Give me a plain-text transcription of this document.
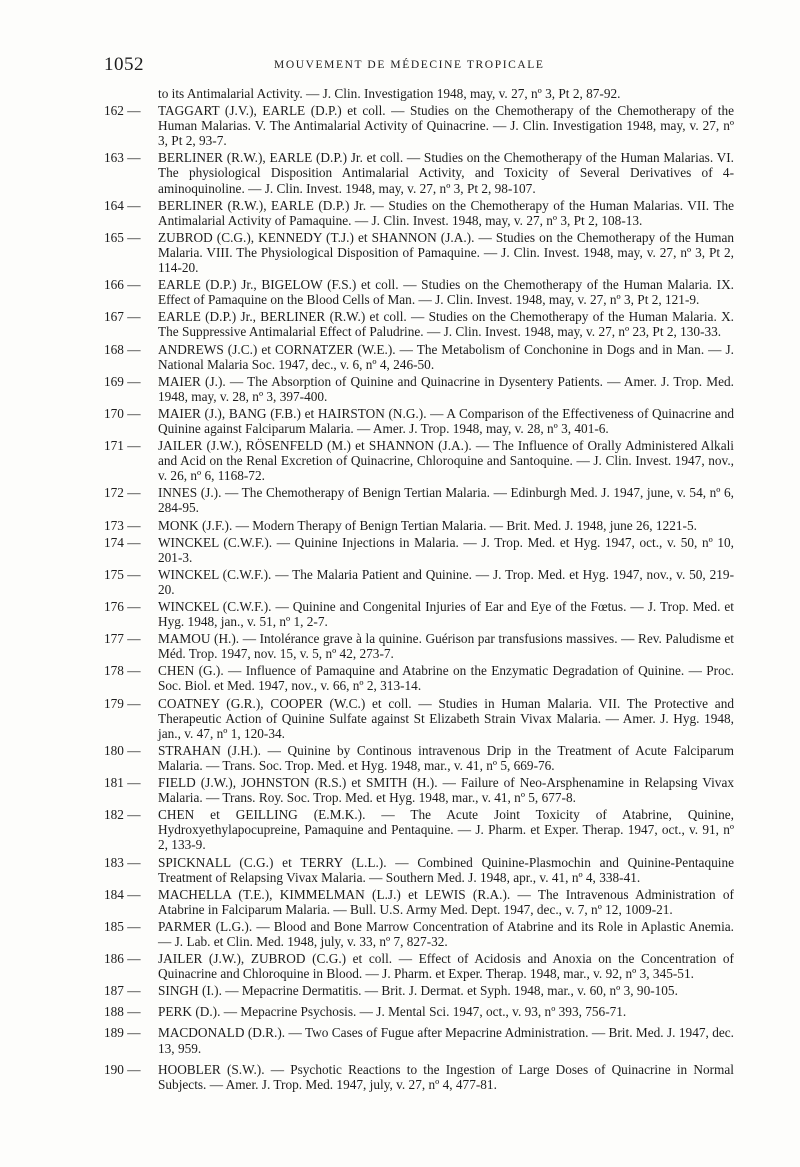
1052	MOUVEMENT DE MÉDECINE TROPICALE
to its Antimalarial Activity. — J. Clin. Investigation 1948, may, v. 27, nº 3, Pt 2, 87-92.
162 —	TAGGART (J.V.), EARLE (D.P.) et coll. — Studies on the Chemotherapy of the Chemotherapy of the Human Malarias. V. The Antimalarial Activity of Quinacrine. — J. Clin. Investigation 1948, may, v. 27, nº 3, Pt 2, 93-7.
163 —	BERLINER (R.W.), EARLE (D.P.) Jr. et coll. — Studies on the Chemotherapy of the Human Malarias. VI. The physiological Disposition Antimalarial Activity, and Toxicity of Several Derivatives of 4-aminoquinoline. — J. Clin. Invest. 1948, may, v. 27, nº 3, Pt 2, 98-107.
164 —	BERLINER (R.W.), EARLE (D.P.) Jr. — Studies on the Chemotherapy of the Human Malarias. VII. The Antimalarial Activity of Pamaquine. — J. Clin. Invest. 1948, may, v. 27, nº 3, Pt 2, 108-13.
165 —	ZUBROD (C.G.), KENNEDY (T.J.) et SHANNON (J.A.). — Studies on the Chemotherapy of the Human Malaria. VIII. The Physiological Disposition of Pamaquine. — J. Clin. Invest. 1948, may, v. 27, nº 3, Pt 2, 114-20.
166 —	EARLE (D.P.) Jr., BIGELOW (F.S.) et coll. — Studies on the Chemotherapy of the Human Malaria. IX. Effect of Pamaquine on the Blood Cells of Man. — J. Clin. Invest. 1948, may, v. 27, nº 3, Pt 2, 121-9.
167 —	EARLE (D.P.) Jr., BERLINER (R.W.) et coll. — Studies on the Chemotherapy of the Human Malaria. X. The Suppressive Antimalarial Effect of Paludrine. — J. Clin. Invest. 1948, may, v. 27, nº 23, Pt 2, 130-33.
168 —	ANDREWS (J.C.) et CORNATZER (W.E.). — The Metabolism of Conchonine in Dogs and in Man. — J. National Malaria Soc. 1947, dec., v. 6, nº 4, 246-50.
169 —	MAIER (J.). — The Absorption of Quinine and Quinacrine in Dysentery Patients. — Amer. J. Trop. Med. 1948, may, v. 28, nº 3, 397-400.
170 —	MAIER (J.), BANG (F.B.) et HAIRSTON (N.G.). — A Comparison of the Effectiveness of Quinacrine and Quinine against Falciparum Malaria. — Amer. J. Trop. 1948, may, v. 28, nº 3, 401-6.
171 —	JAILER (J.W.), RÖSENFELD (M.) et SHANNON (J.A.). — The Influence of Orally Administered Alkali and Acid on the Renal Excretion of Quinacrine, Chloroquine and Santoquine. — J. Clin. Invest. 1947, nov., v. 26, nº 6, 1168-72.
172 —	INNES (J.). — The Chemotherapy of Benign Tertian Malaria. — Edinburgh Med. J. 1947, june, v. 54, nº 6, 284-95.
173 —	MONK (J.F.). — Modern Therapy of Benign Tertian Malaria. — Brit. Med. J. 1948, june 26, 1221-5.
174 —	WINCKEL (C.W.F.). — Quinine Injections in Malaria. — J. Trop. Med. et Hyg. 1947, oct., v. 50, nº 10, 201-3.
175 —	WINCKEL (C.W.F.). — The Malaria Patient and Quinine. — J. Trop. Med. et Hyg. 1947, nov., v. 50, 219-20.
176 —	WINCKEL (C.W.F.). — Quinine and Congenital Injuries of Ear and Eye of the Fœtus. — J. Trop. Med. et Hyg. 1948, jan., v. 51, nº 1, 2-7.
177 —	MAMOU (H.). — Intolérance grave à la quinine. Guérison par transfusions massives. — Rev. Paludisme et Méd. Trop. 1947, nov. 15, v. 5, nº 42, 273-7.
178 —	CHEN (G.). — Influence of Pamaquine and Atabrine on the Enzymatic Degradation of Quinine. — Proc. Soc. Biol. et Med. 1947, nov., v. 66, nº 2, 313-14.
179 —	COATNEY (G.R.), COOPER (W.C.) et coll. — Studies in Human Malaria. VII. The Protective and Therapeutic Action of Quinine Sulfate against St Elizabeth Strain Vivax Malaria. — Amer. J. Hyg. 1948, jan., v. 47, nº 1, 120-34.
180 —	STRAHAN (J.H.). — Quinine by Continous intravenous Drip in the Treatment of Acute Falciparum Malaria. — Trans. Soc. Trop. Med. et Hyg. 1948, mar., v. 41, nº 5, 669-76.
181 —	FIELD (J.W.), JOHNSTON (R.S.) et SMITH (H.). — Failure of Neo-Arsphenamine in Relapsing Vivax Malaria. — Trans. Roy. Soc. Trop. Med. et Hyg. 1948, mar., v. 41, nº 5, 677-8.
182 —	CHEN et GEILLING (E.M.K.). — The Acute Joint Toxicity of Atabrine, Quinine, Hydroxyethylapocupreine, Pamaquine and Pentaquine. — J. Pharm. et Exper. Therap. 1947, oct., v. 91, nº 2, 133-9.
183 —	SPICKNALL (C.G.) et TERRY (L.L.). — Combined Quinine-Plasmochin and Quinine-Pentaquine Treatment of Relapsing Vivax Malaria. — Southern Med. J. 1948, apr., v. 41, nº 4, 338-41.
184 —	MACHELLA (T.E.), KIMMELMAN (L.J.) et LEWIS (R.A.). — The Intravenous Administration of Atabrine in Falciparum Malaria. — Bull. U.S. Army Med. Dept. 1947, dec., v. 7, nº 12, 1009-21.
185 —	PARMER (L.G.). — Blood and Bone Marrow Concentration of Atabrine and its Role in Aplastic Anemia. — J. Lab. et Clin. Med. 1948, july, v. 33, nº 7, 827-32.
186 —	JAILER (J.W.), ZUBROD (C.G.) et coll. — Effect of Acidosis and Anoxia on the Concentration of Quinacrine and Chloroquine in Blood. — J. Pharm. et Exper. Therap. 1948, mar., v. 92, nº 3, 345-51.
187 —	SINGH (I.). — Mepacrine Dermatitis. — Brit. J. Dermat. et Syph. 1948, mar., v. 60, nº 3, 90-105.
188 —	PERK (D.). — Mepacrine Psychosis. — J. Mental Sci. 1947, oct., v. 93, nº 393, 756-71.
189 —	MACDONALD (D.R.). — Two Cases of Fugue after Mepacrine Administration. — Brit. Med. J. 1947, dec. 13, 959.
190 —	HOOBLER (S.W.). — Psychotic Reactions to the Ingestion of Large Doses of Quinacrine in Normal Subjects. — Amer. J. Trop. Med. 1947, july, v. 27, nº 4, 477-81.
